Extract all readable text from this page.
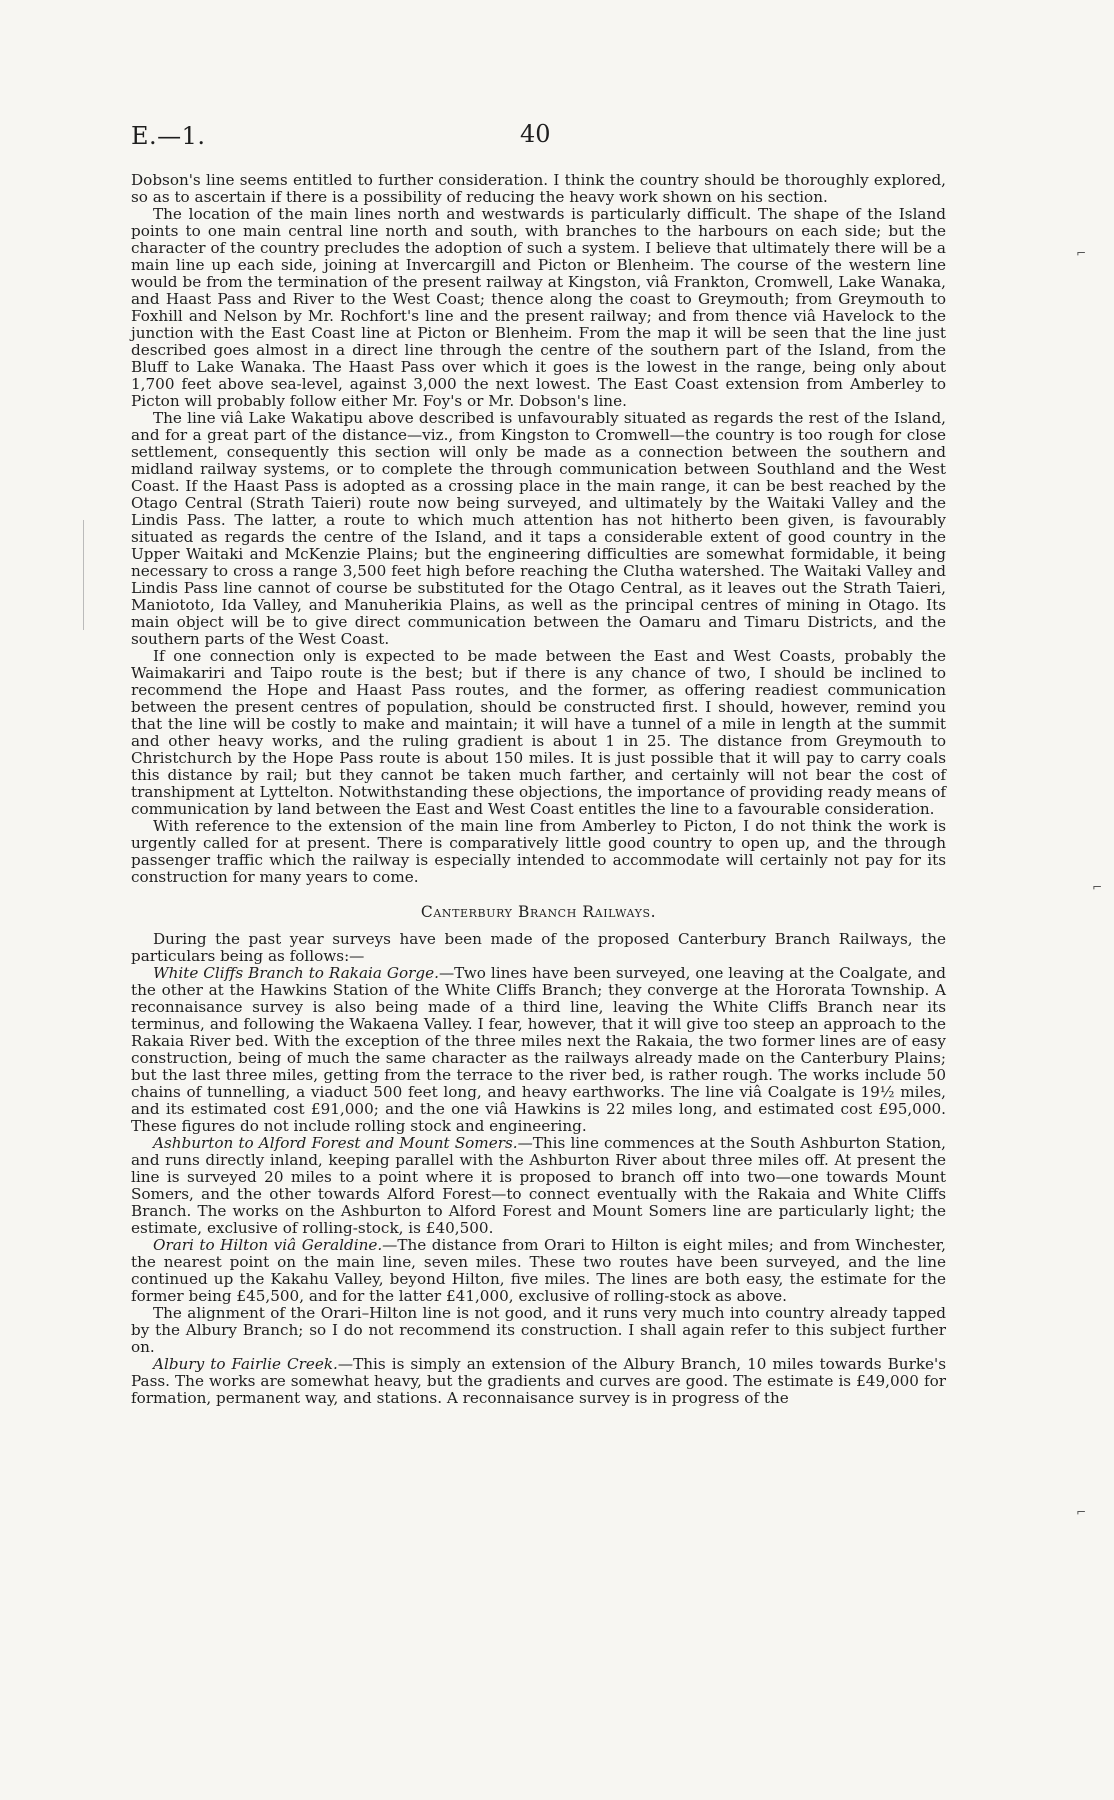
E.—1.	40

Dobson's line seems entitled to further consideration. I think the country should be thoroughly explored, so as to ascertain if there is a possibility of reducing the heavy work shown on his section.

The location of the main lines north and westwards is particularly difficult. The shape of the Island points to one main central line north and south, with branches to the harbours on each side; but the character of the country precludes the adoption of such a system. I believe that ultimately there will be a main line up each side, joining at Invercargill and Picton or Blenheim. The course of the western line would be from the termination of the present railway at Kingston, viâ Frankton, Cromwell, Lake Wanaka, and Haast Pass and River to the West Coast; thence along the coast to Greymouth; from Greymouth to Foxhill and Nelson by Mr. Rochfort's line and the present railway; and from thence viâ Havelock to the junction with the East Coast line at Picton or Blenheim. From the map it will be seen that the line just described goes almost in a direct line through the centre of the southern part of the Island, from the Bluff to Lake Wanaka. The Haast Pass over which it goes is the lowest in the range, being only about 1,700 feet above sea-level, against 3,000 the next lowest. The East Coast extension from Amberley to Picton will probably follow either Mr. Foy's or Mr. Dobson's line.

The line viâ Lake Wakatipu above described is unfavourably situated as regards the rest of the Island, and for a great part of the distance—viz., from Kingston to Cromwell—the country is too rough for close settlement, consequently this section will only be made as a connection between the southern and midland railway systems, or to complete the through communication between Southland and the West Coast. If the Haast Pass is adopted as a crossing place in the main range, it can be best reached by the Otago Central (Strath Taieri) route now being surveyed, and ultimately by the Waitaki Valley and the Lindis Pass. The latter, a route to which much attention has not hitherto been given, is favourably situated as regards the centre of the Island, and it taps a considerable extent of good country in the Upper Waitaki and McKenzie Plains; but the engineering difficulties are somewhat formidable, it being necessary to cross a range 3,500 feet high before reaching the Clutha watershed. The Waitaki Valley and Lindis Pass line cannot of course be substituted for the Otago Central, as it leaves out the Strath Taieri, Maniototo, Ida Valley, and Manuherikia Plains, as well as the principal centres of mining in Otago. Its main object will be to give direct communication between the Oamaru and Timaru Districts, and the southern parts of the West Coast.

If one connection only is expected to be made between the East and West Coasts, probably the Waimakariri and Taipo route is the best; but if there is any chance of two, I should be inclined to recommend the Hope and Haast Pass routes, and the former, as offering readiest communication between the present centres of population, should be constructed first. I should, however, remind you that the line will be costly to make and maintain; it will have a tunnel of a mile in length at the summit and other heavy works, and the ruling gradient is about 1 in 25. The distance from Greymouth to Christchurch by the Hope Pass route is about 150 miles. It is just possible that it will pay to carry coals this distance by rail; but they cannot be taken much farther, and certainly will not bear the cost of transhipment at Lyttelton. Notwithstanding these objections, the importance of providing ready means of communication by land between the East and West Coast entitles the line to a favourable consideration.

With reference to the extension of the main line from Amberley to Picton, I do not think the work is urgently called for at present. There is comparatively little good country to open up, and the through passenger traffic which the railway is especially intended to accommodate will certainly not pay for its construction for many years to come.

Canterbury Branch Railways.

During the past year surveys have been made of the proposed Canterbury Branch Railways, the particulars being as follows:—

White Cliffs Branch to Rakaia Gorge.—Two lines have been surveyed, one leaving at the Coalgate, and the other at the Hawkins Station of the White Cliffs Branch; they converge at the Hororata Township. A reconnaisance survey is also being made of a third line, leaving the White Cliffs Branch near its terminus, and following the Wakaena Valley. I fear, however, that it will give too steep an approach to the Rakaia River bed. With the exception of the three miles next the Rakaia, the two former lines are of easy construction, being of much the same character as the railways already made on the Canterbury Plains; but the last three miles, getting from the terrace to the river bed, is rather rough. The works include 50 chains of tunnelling, a viaduct 500 feet long, and heavy earthworks. The line viâ Coalgate is 19½ miles, and its estimated cost £91,000; and the one viâ Hawkins is 22 miles long, and estimated cost £95,000. These figures do not include rolling stock and engineering.

Ashburton to Alford Forest and Mount Somers.—This line commences at the South Ashburton Station, and runs directly inland, keeping parallel with the Ashburton River about three miles off. At present the line is surveyed 20 miles to a point where it is proposed to branch off into two—one towards Mount Somers, and the other towards Alford Forest—to connect eventually with the Rakaia and White Cliffs Branch. The works on the Ashburton to Alford Forest and Mount Somers line are particularly light; the estimate, exclusive of rolling-stock, is £40,500.

Orari to Hilton viâ Geraldine.—The distance from Orari to Hilton is eight miles; and from Winchester, the nearest point on the main line, seven miles. These two routes have been surveyed, and the line continued up the Kakahu Valley, beyond Hilton, five miles. The lines are both easy, the estimate for the former being £45,500, and for the latter £41,000, exclusive of rolling-stock as above.

The alignment of the Orari–Hilton line is not good, and it runs very much into country already tapped by the Albury Branch; so I do not recommend its construction. I shall again refer to this subject further on.

Albury to Fairlie Creek.—This is simply an extension of the Albury Branch, 10 miles towards Burke's Pass. The works are somewhat heavy, but the gradients and curves are good. The estimate is £49,000 for formation, permanent way, and stations. A reconnaisance survey is in progress of the

⌐
⌐
⌐
